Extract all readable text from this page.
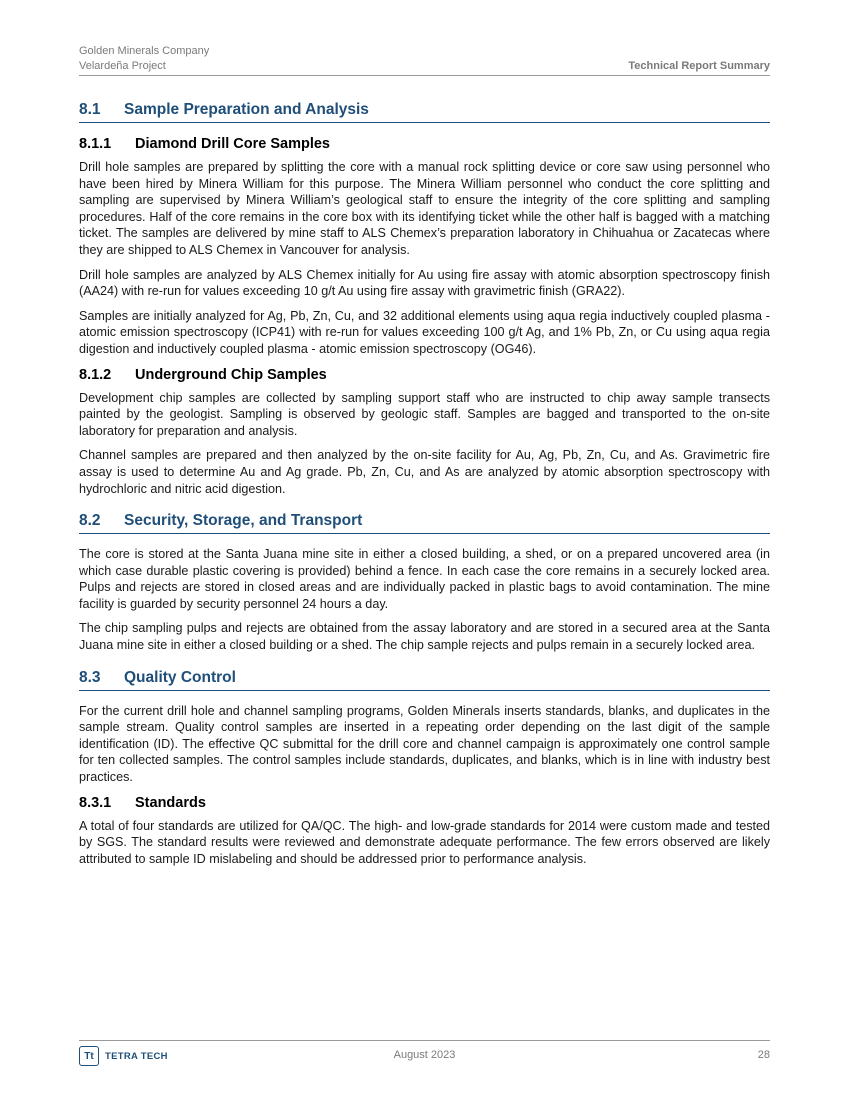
Golden Minerals Company
Velardeña Project	Technical Report Summary
8.1	Sample Preparation and Analysis
8.1.1	Diamond Drill Core Samples

Drill hole samples are prepared by splitting the core with a manual rock splitting device or core saw using personnel who have been hired by Minera William for this purpose. The Minera William personnel who conduct the core splitting and sampling are supervised by Minera William’s geological staff to ensure the integrity of the core splitting and sampling procedures. Half of the core remains in the core box with its identifying ticket while the other half is bagged with a matching ticket. The samples are delivered by mine staff to ALS Chemex’s preparation laboratory in Chihuahua or Zacatecas where they are shipped to ALS Chemex in Vancouver for analysis.

Drill hole samples are analyzed by ALS Chemex initially for Au using fire assay with atomic absorption spectroscopy finish (AA24) with re-run for values exceeding 10 g/t Au using fire assay with gravimetric finish (GRA22).

Samples are initially analyzed for Ag, Pb, Zn, Cu, and 32 additional elements using aqua regia inductively coupled plasma - atomic emission spectroscopy (ICP41) with re-run for values exceeding 100 g/t Ag, and 1% Pb, Zn, or Cu using aqua regia digestion and inductively coupled plasma - atomic emission spectroscopy (OG46).

8.1.2	Underground Chip Samples

Development chip samples are collected by sampling support staff who are instructed to chip away sample transects painted by the geologist. Sampling is observed by geologic staff. Samples are bagged and transported to the on-site laboratory for preparation and analysis.

Channel samples are prepared and then analyzed by the on-site facility for Au, Ag, Pb, Zn, Cu, and As. Gravimetric fire assay is used to determine Au and Ag grade. Pb, Zn, Cu, and As are analyzed by atomic absorption spectroscopy with hydrochloric and nitric acid digestion.

8.2	Security, Storage, and Transport

The core is stored at the Santa Juana mine site in either a closed building, a shed, or on a prepared uncovered area (in which case durable plastic covering is provided) behind a fence. In each case the core remains in a securely locked area. Pulps and rejects are stored in closed areas and are individually packed in plastic bags to avoid contamination. The mine facility is guarded by security personnel 24 hours a day.

The chip sampling pulps and rejects are obtained from the assay laboratory and are stored in a secured area at the Santa Juana mine site in either a closed building or a shed. The chip sample rejects and pulps remain in a securely locked area.

8.3	Quality Control

For the current drill hole and channel sampling programs, Golden Minerals inserts standards, blanks, and duplicates in the sample stream. Quality control samples are inserted in a repeating order depending on the last digit of the sample identification (ID). The effective QC submittal for the drill core and channel campaign is approximately one control sample for ten collected samples. The control samples include standards, duplicates, and blanks, which is in line with industry best practices.

8.3.1	Standards

A total of four standards are utilized for QA/QC. The high- and low-grade standards for 2014 were custom made and tested by SGS. The standard results were reviewed and demonstrate adequate performance. The few errors observed are likely attributed to sample ID mislabeling and should be addressed prior to performance analysis.

Tt	TETRA TECH	August 2023	28
